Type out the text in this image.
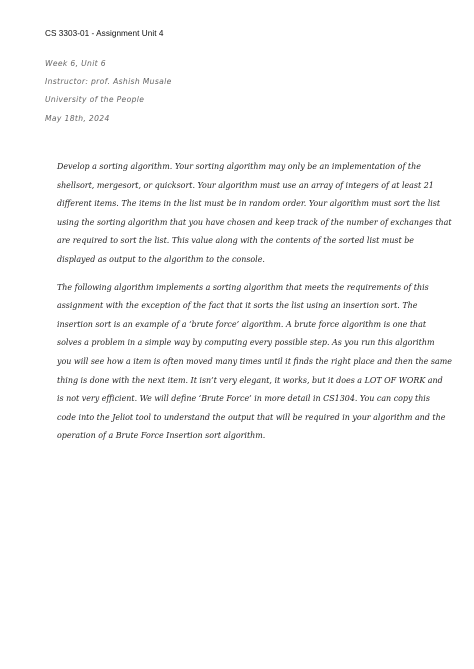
CS 3303-01 - Assignment Unit 4
Week 6, Unit 6
Instructor: prof. Ashish Musale
University of the People
May 18th, 2024

Develop a sorting algorithm. Your sorting algorithm may only be an implementation of the
shellsort, mergesort, or quicksort. Your algorithm must use an array of integers of at least 21
different items. The items in the list must be in random order. Your algorithm must sort the list
using the sorting algorithm that you have chosen and keep track of the number of exchanges that
are required to sort the list. This value along with the contents of the sorted list must be
displayed as output to the algorithm to the console.

The following algorithm implements a sorting algorithm that meets the requirements of this
assignment with the exception of the fact that it sorts the list using an insertion sort. The
insertion sort is an example of a ‘brute force’ algorithm. A brute force algorithm is one that
solves a problem in a simple way by computing every possible step. As you run this algorithm
you will see how a item is often moved many times until it finds the right place and then the same
thing is done with the next item. It isn’t very elegant, it works, but it does a LOT OF WORK and
is not very efficient. We will define ‘Brute Force’ in more detail in CS1304. You can copy this
code into the Jeliot tool to understand the output that will be required in your algorithm and the
operation of a Brute Force Insertion sort algorithm.
